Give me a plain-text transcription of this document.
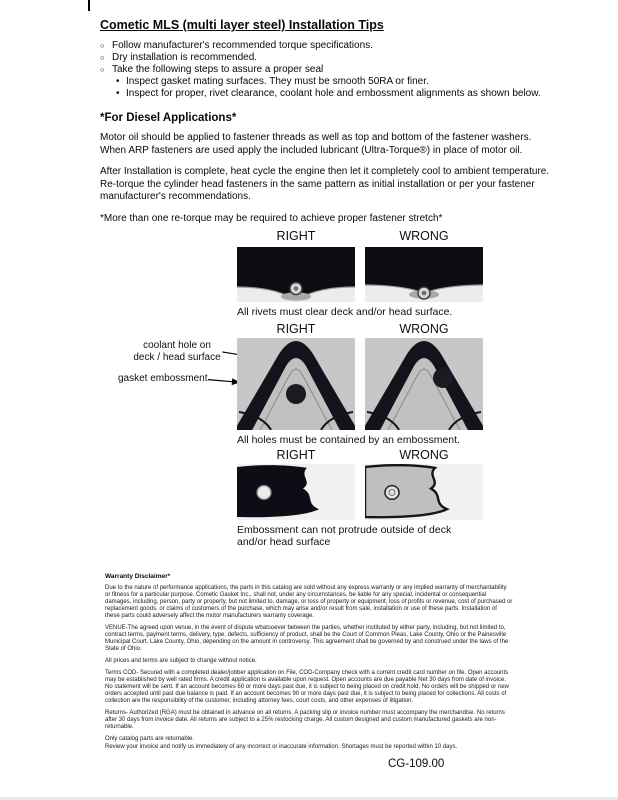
Cometic MLS (multi layer steel) Installation Tips
○ Follow manufacturer's recommended torque specifications.
○ Dry installation is recommended.
○ Take the following steps to assure a proper seal
• Inspect gasket mating surfaces. They must be smooth 50RA or finer.
• Inspect for proper, rivet clearance, coolant hole and embossment alignments as shown below.
*For Diesel Applications*

Motor oil should be applied to fastener threads as well as top and bottom of the fastener washers. When ARP fasteners are used apply the included lubricant (Ultra-Torque®) in place of motor oil.

After Installation is complete, heat cycle the engine then let it completely cool to ambient temperature. Re-torque the cylinder head fasteners in the same pattern as initial installation or per your fastener manufacturer's recommendations.

*More than one re-torque may be required to achieve proper fastener stretch*

RIGHT	WRONG
All rivets must clear deck and/or head surface.
RIGHT	WRONG
coolant hole on
deck / head surface
gasket embossment
All holes must be contained by an embossment.
RIGHT	WRONG
Embossment can not protrude outside of deck
and/or head surface
Warranty Disclaimer*

Due to the nature of performance applications, the parts in this catalog are sold without any express warranty or any implied warranty of merchantability or fitness for a particular purpose. Cometic Gasket Inc., shall not, under any circumstances, be liable for any special, incidental or consequential damages, including, person, party or property, but not limited to, damage, or loss of property or equipment, loss of profits or revenue, cost of purchased or replacement goods, or claims of customers of the purchase, which may arise and/or result from sale, installation or use of these parts. Installation of these parts could adversely affect the motor manufacturers warranty coverage.

VENUE-The agreed upon venue, in the event of dispute whatsoever between the parties, whether instituted by either party, including, but not limited to, contract terms, payment terms, delivery, type, defects, sufficiency of product, shall be the Court of Common Pleas, Lake County, Ohio or the Painesville Municipal Court, Lake County, Ohio, depending on the amount in controversy. This agreement shall be governed by and construed under the laws of the State of Ohio.

All prices and terms are subject to change without notice.

Terms COD- Secured with a completed dealer/jobber application on File, COD-Company check with a current credit card number on file. Open accounts may be established by well rated firms. A credit application is available upon request. Open accounts are due payable Net 30 days from date of invoice. No statement will be sent. If an account becomes 60 or more days past due, it is subject to being placed on credit hold. No orders will be shipped or new orders accepted until past due balance is paid. If an account becomes 90 or more days past due, it is subject to being placed for collections. All costs of collection are the responsibility of the customer, including attorney fees, court costs, and other expenses of litigation.

Returns- Authorized (RGA) must be obtained in advance on all returns. A packing slip or invoice number must accompany the merchandise. No returns after 30 days from invoice date. All returns are subject to a 25% restocking charge. All custom designed and custom manufactured gaskets are non-returnable.

Only catalog parts are returnable.

Review your invoice and notify us immediately of any incorrect or inaccurate information. Shortages must be reported within 10 days.

CG-109.00
